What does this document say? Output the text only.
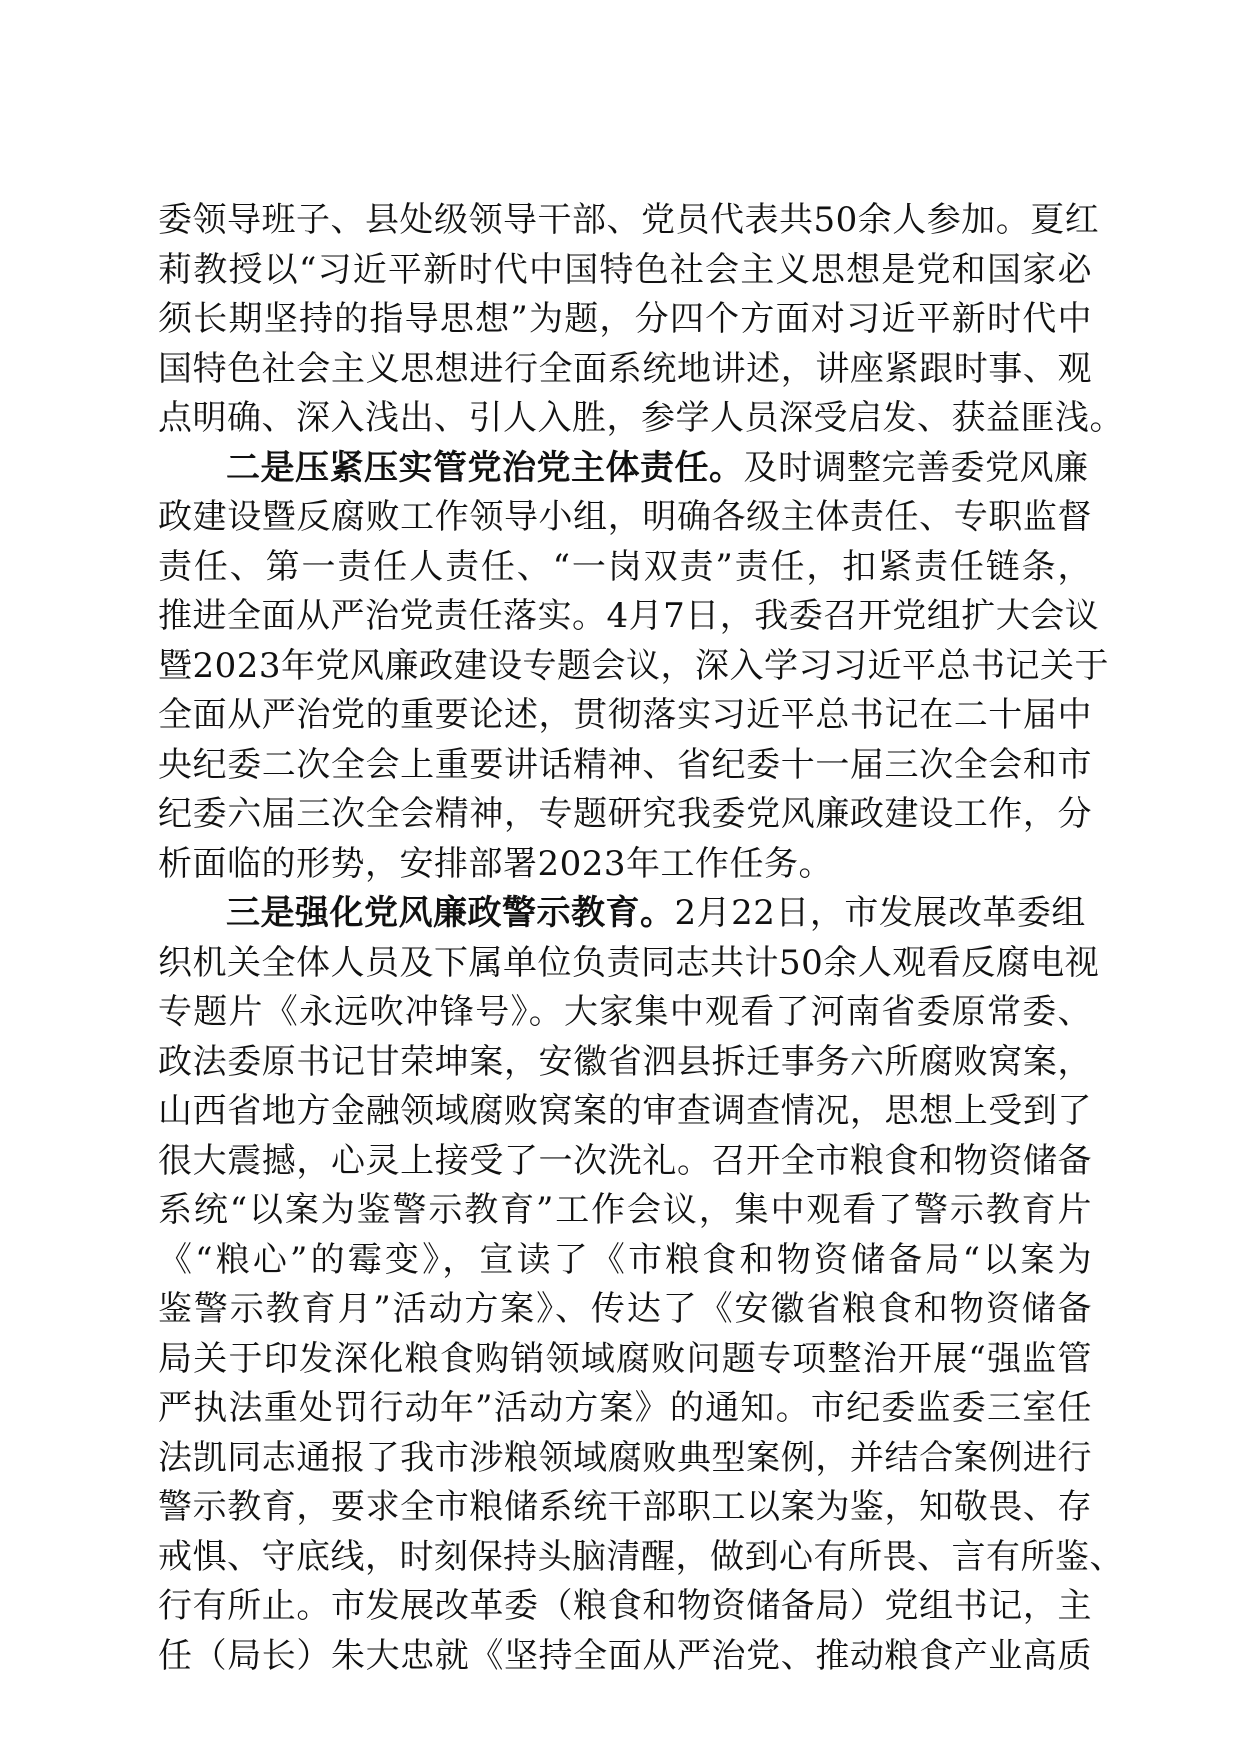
委领导班子、县处级领导干部、党员代表共50余人参加。夏红
莉教授以“习近平新时代中国特色社会主义思想是党和国家必
须长期坚持的指导思想”为题，分四个方面对习近平新时代中
国特色社会主义思想进行全面系统地讲述，讲座紧跟时事、观
点明确、深入浅出、引人入胜，参学人员深受启发、获益匪浅。
二是压紧压实管党治党主体责任。及时调整完善委党风廉
政建设暨反腐败工作领导小组，明确各级主体责任、专职监督
责任、第一责任人责任、“一岗双责”责任，扣紧责任链条，
推进全面从严治党责任落实。4月7日，我委召开党组扩大会议
暨2023年党风廉政建设专题会议，深入学习习近平总书记关于
全面从严治党的重要论述，贯彻落实习近平总书记在二十届中
央纪委二次全会上重要讲话精神、省纪委十一届三次全会和市
纪委六届三次全会精神，专题研究我委党风廉政建设工作，分
析面临的形势，安排部署2023年工作任务。
三是强化党风廉政警示教育。2月22日，市发展改革委组
织机关全体人员及下属单位负责同志共计50余人观看反腐电视
专题片《永远吹冲锋号》。大家集中观看了河南省委原常委、
政法委原书记甘荣坤案，安徽省泗县拆迁事务六所腐败窝案，
山西省地方金融领域腐败窝案的审查调查情况，思想上受到了
很大震撼，心灵上接受了一次洗礼。召开全市粮食和物资储备
系统“以案为鉴警示教育”工作会议，集中观看了警示教育片
《“粮心”的霉变》，宣读了《市粮食和物资储备局“以案为
鉴警示教育月”活动方案》、传达了《安徽省粮食和物资储备
局关于印发深化粮食购销领域腐败问题专项整治开展“强监管
严执法重处罚行动年”活动方案》的通知。市纪委监委三室任
法凯同志通报了我市涉粮领域腐败典型案例，并结合案例进行
警示教育，要求全市粮储系统干部职工以案为鉴，知敬畏、存
戒惧、守底线，时刻保持头脑清醒，做到心有所畏、言有所鉴、
行有所止。市发展改革委（粮食和物资储备局）党组书记，主
任（局长）朱大忠就《坚持全面从严治党、推动粮食产业高质
